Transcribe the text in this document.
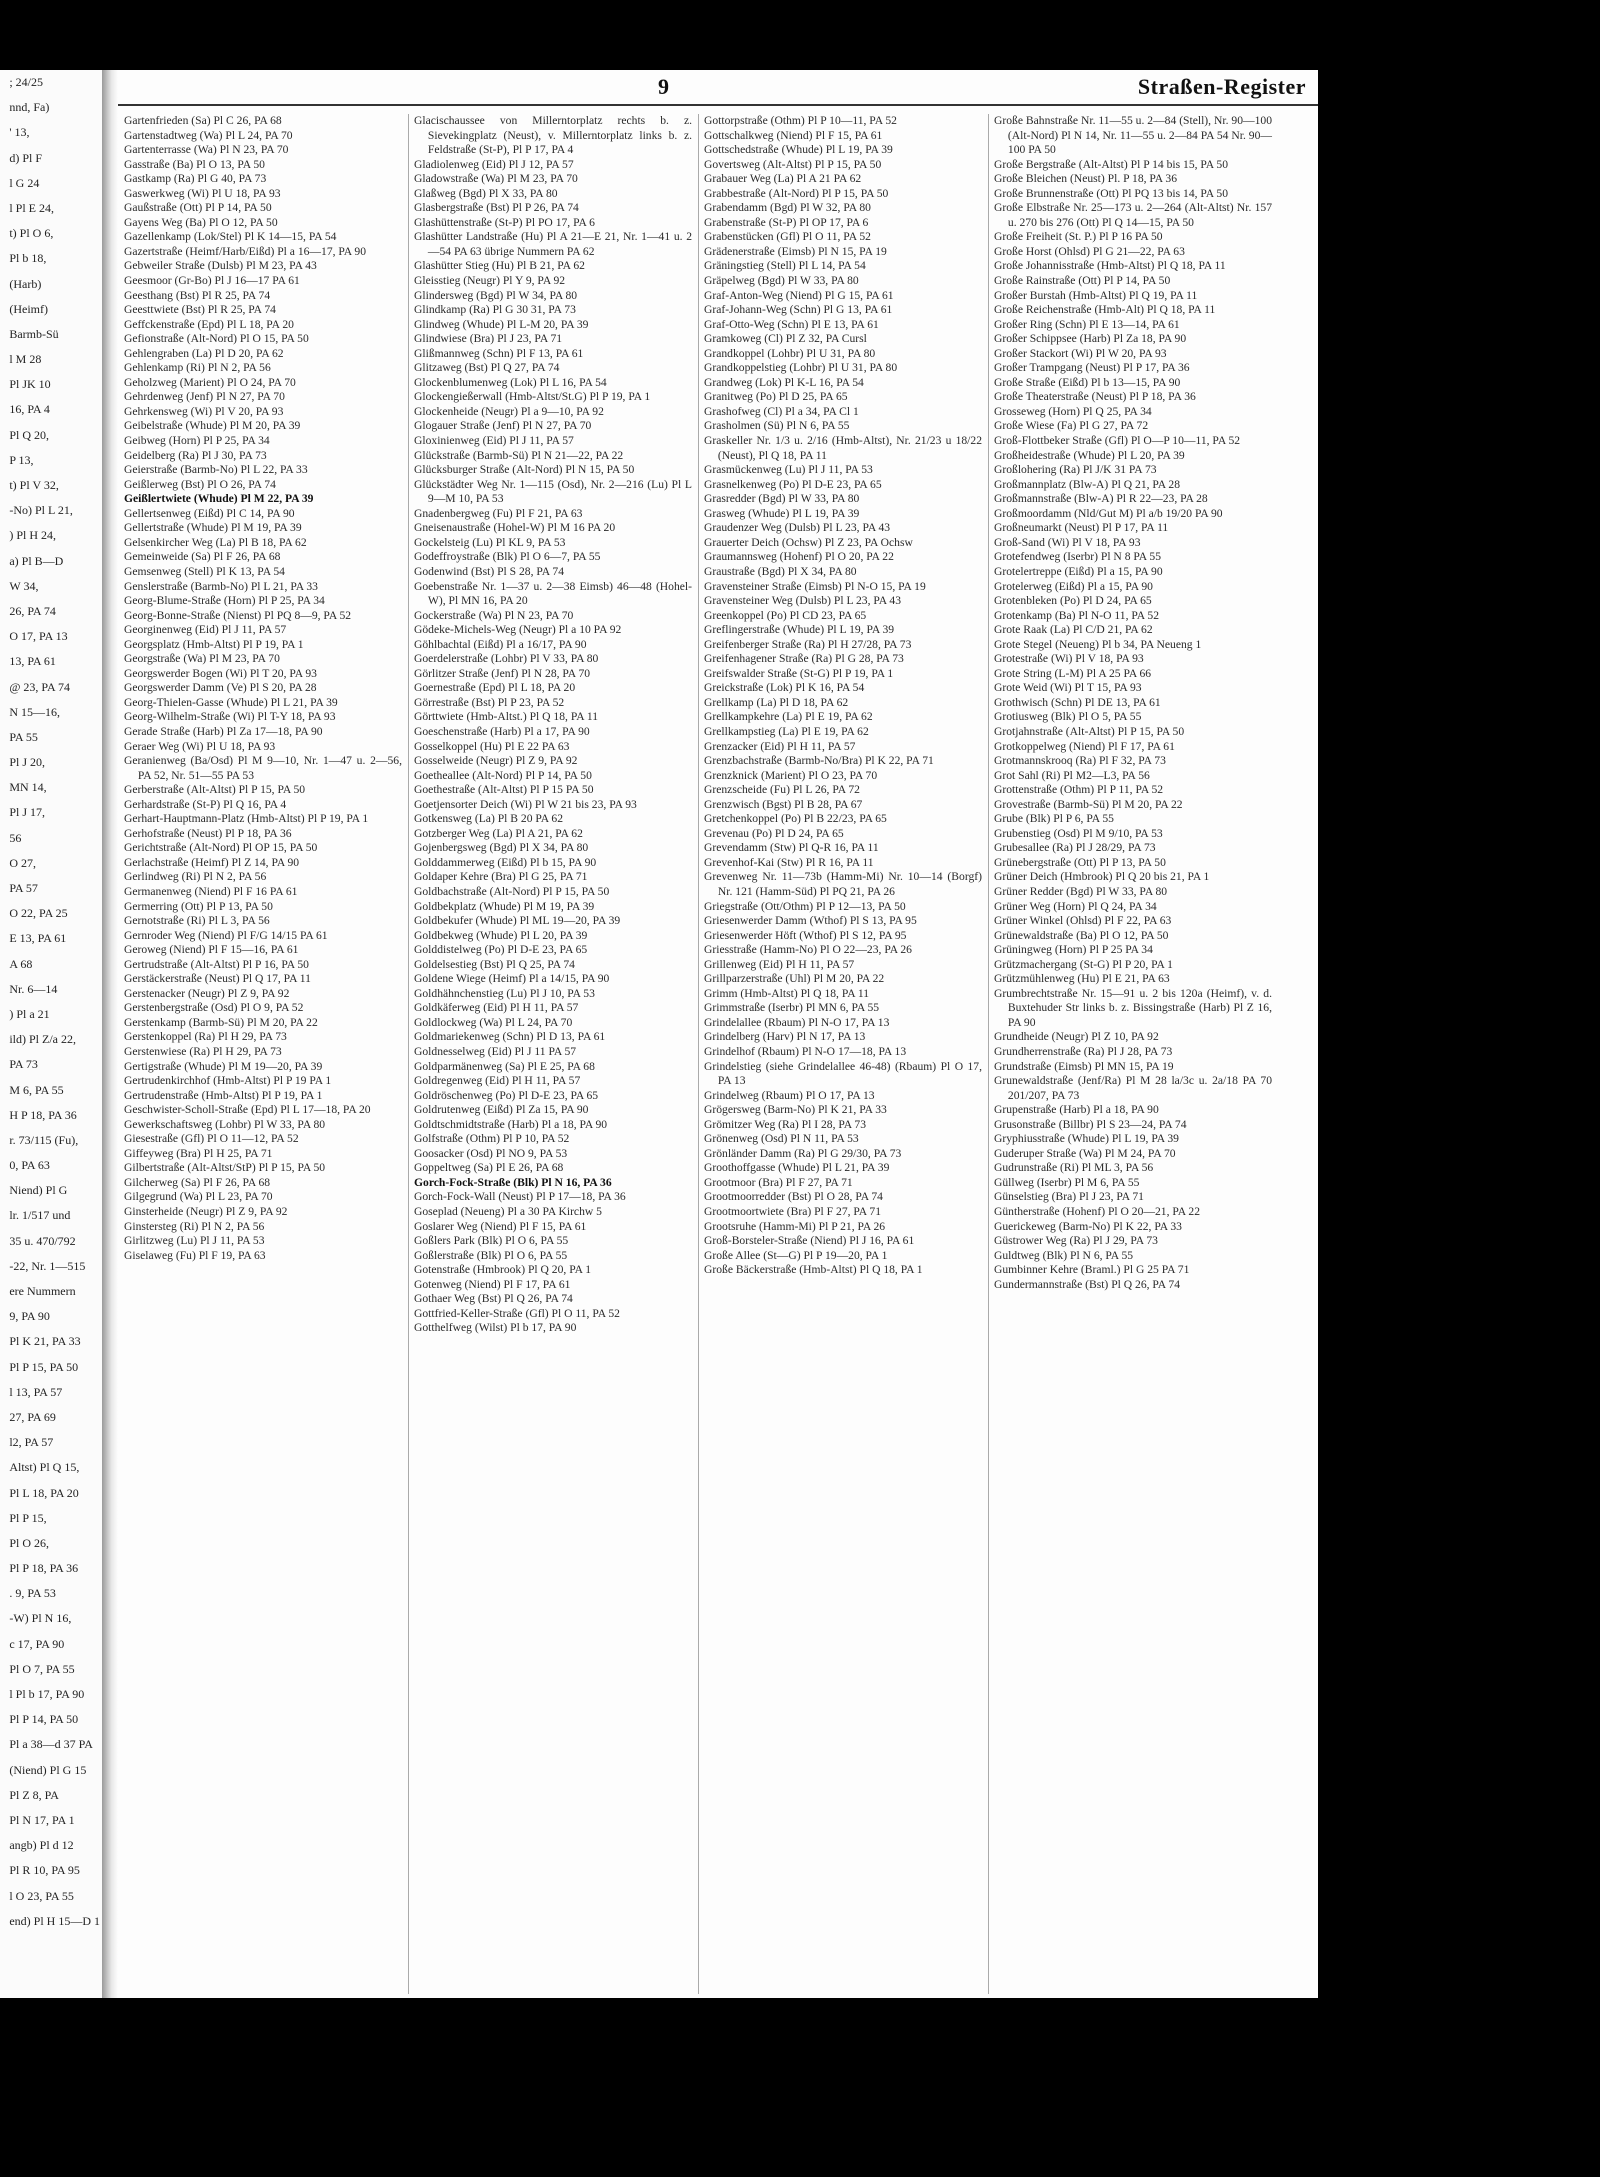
; 24/25
nnd, Fa)
' 13,
d) Pl F
l G 24
l Pl E 24,
t) Pl O 6,
Pl b 18,
(Harb)
(Heimf)
Barmb-Sü
l M 28
Pl JK 10
16, PA 4
Pl Q 20,
P 13,
t) Pl V 32,
-No) Pl L 21,
) Pl H 24,
a) Pl B—D
W 34,
26, PA 74
O 17, PA 13
13, PA 61
@ 23, PA 74
N 15—16,
PA 55
Pl J 20,
MN 14,
Pl J 17,
56
O 27,
PA 57
O 22, PA 25
E 13, PA 61
A 68
Nr. 6—14
) Pl a 21
ild) Pl Z/a 22,
PA 73
M 6, PA 55
H P 18, PA 36
r. 73/115 (Fu),
0, PA 63
Niend) Pl G
lr. 1/517 und
35 u. 470/792
-22, Nr. 1—515
ere Nummern
9, PA 90
Pl K 21, PA 33
Pl P 15, PA 50
l 13, PA 57
27, PA 69
l2, PA 57
Altst) Pl Q 15,
Pl L 18, PA 20
Pl P 15,
Pl O 26,
Pl P 18, PA 36
. 9, PA 53
-W) Pl N 16,
c 17, PA 90
Pl O 7, PA 55
l Pl b 17, PA 90
Pl P 14, PA 50
Pl a 38—d 37 PA
(Niend) Pl G 15
Pl Z 8, PA
Pl N 17, PA 1
angb) Pl d 12
Pl R 10, PA 95
l O 23, PA 55
end) Pl H 15—D 1
9	Straßen-Register
Gartenfrieden (Sa) Pl C 26, PA 68
Gartenstadtweg (Wa) Pl L 24, PA 70
Gartenterrasse (Wa) Pl N 23, PA 70
Gasstraße (Ba) Pl O 13, PA 50
Gastkamp (Ra) Pl G 40, PA 73
Gaswerkweg (Wi) Pl U 18, PA 93
Gaußstraße (Ott) Pl P 14, PA 50
Gayens Weg (Ba) Pl O 12, PA 50
Gazellenkamp (Lok/Stel) Pl K 14—15, PA 54
Gazertstraße (Heimf/Harb/Eißd) Pl a 16—17, PA 90
Gebweiler Straße (Dulsb) Pl M 23, PA 43
Geesmoor (Gr-Bo) Pl J 16—17 PA 61
Geesthang (Bst) Pl R 25, PA 74
Geesttwiete (Bst) Pl R 25, PA 74
Geffckenstraße (Epd) Pl L 18, PA 20
Gefionstraße (Alt-Nord) Pl O 15, PA 50
Gehlengraben (La) Pl D 20, PA 62
Gehlenkamp (Ri) Pl N 2, PA 56
Geholzweg (Marient) Pl O 24, PA 70
Gehrdenweg (Jenf) Pl N 27, PA 70
Gehrkensweg (Wi) Pl V 20, PA 93
Geibelstraße (Whude) Pl M 20, PA 39
Geibweg (Horn) Pl P 25, PA 34
Geidelberg (Ra) Pl J 30, PA 73
Geierstraße (Barmb-No) Pl L 22, PA 33
Geißlerweg (Bst) Pl O 26, PA 74
Geißlertwiete (Whude) Pl M 22, PA 39
Gellertsenweg (Eißd) Pl C 14, PA 90
Gellertstraße (Whude) Pl M 19, PA 39
Gelsenkircher Weg (La) Pl B 18, PA 62
Gemeinweide (Sa) Pl F 26, PA 68
Gemsenweg (Stell) Pl K 13, PA 54
Genslerstraße (Barmb-No) Pl L 21, PA 33
Georg-Blume-Straße (Horn) Pl P 25, PA 34
Georg-Bonne-Straße (Nienst) Pl PQ 8—9, PA 52
Georginenweg (Eid) Pl J 11, PA 57
Georgsplatz (Hmb-Altst) Pl P 19, PA 1
Georgstraße (Wa) Pl M 23, PA 70
Georgswerder Bogen (Wi) Pl T 20, PA 93
Georgswerder Damm (Ve) Pl S 20, PA 28
Georg-Thielen-Gasse (Whude) Pl L 21, PA 39
Georg-Wilhelm-Straße (Wi) Pl T-Y 18, PA 93
Gerade Straße (Harb) Pl Za 17—18, PA 90
Geraer Weg (Wi) Pl U 18, PA 93
Geranienweg (Ba/Osd) Pl M 9—10, Nr. 1—47 u. 2—56, PA 52, Nr. 51—55 PA 53
Gerberstraße (Alt-Altst) Pl P 15, PA 50
Gerhardstraße (St-P) Pl Q 16, PA 4
Gerhart-Hauptmann-Platz (Hmb-Altst) Pl P 19, PA 1
Gerhofstraße (Neust) Pl P 18, PA 36
Gerichtstraße (Alt-Nord) Pl OP 15, PA 50
Gerlachstraße (Heimf) Pl Z 14, PA 90
Gerlindweg (Ri) Pl N 2, PA 56
Germanenweg (Niend) Pl F 16 PA 61
Germerring (Ott) Pl P 13, PA 50
Gernotstraße (Ri) Pl L 3, PA 56
Gernroder Weg (Niend) Pl F/G 14/15 PA 61
Geroweg (Niend) Pl F 15—16, PA 61
Gertrudstraße (Alt-Altst) Pl P 16, PA 50
Gerstäckerstraße (Neust) Pl Q 17, PA 11
Gerstenacker (Neugr) Pl Z 9, PA 92
Gerstenbergstraße (Osd) Pl O 9, PA 52
Gerstenkamp (Barmb-Sü) Pl M 20, PA 22
Gerstenkoppel (Ra) Pl H 29, PA 73
Gerstenwiese (Ra) Pl H 29, PA 73
Gertigstraße (Whude) Pl M 19—20, PA 39
Gertrudenkirchhof (Hmb-Altst) Pl P 19 PA 1
Gertrudenstraße (Hmb-Altst) Pl P 19, PA 1
Geschwister-Scholl-Straße (Epd) Pl L 17—18, PA 20
Gewerkschaftsweg (Lohbr) Pl W 33, PA 80
Giesestraße (Gfl) Pl O 11—12, PA 52
Giffeyweg (Bra) Pl H 25, PA 71
Gilbertstraße (Alt-Altst/StP) Pl P 15, PA 50
Gilcherweg (Sa) Pl F 26, PA 68
Gilgegrund (Wa) Pl L 23, PA 70
Ginsterheide (Neugr) Pl Z 9, PA 92
Ginstersteg (Ri) Pl N 2, PA 56
Girlitzweg (Lu) Pl J 11, PA 53
Giselaweg (Fu) Pl F 19, PA 63
Glacischaussee von Millerntorplatz rechts b. z. Sievekingplatz (Neust), v. Millerntorplatz links b. z. Feldstraße (St-P), Pl P 17, PA 4
Gladiolenweg (Eid) Pl J 12, PA 57
Gladowstraße (Wa) Pl M 23, PA 70
Glaßweg (Bgd) Pl X 33, PA 80
Glasbergstraße (Bst) Pl P 26, PA 74
Glashüttenstraße (St-P) Pl PO 17, PA 6
Glashütter Landstraße (Hu) Pl A 21—E 21, Nr. 1—41 u. 2—54 PA 63 übrige Nummern PA 62
Glashütter Stieg (Hu) Pl B 21, PA 62
Gleisstieg (Neugr) Pl Y 9, PA 92
Glindersweg (Bgd) Pl W 34, PA 80
Glindkamp (Ra) Pl G 30 31, PA 73
Glindweg (Whude) Pl L-M 20, PA 39
Glindwiese (Bra) Pl J 23, PA 71
Glißmannweg (Schn) Pl F 13, PA 61
Glitzaweg (Bst) Pl Q 27, PA 74
Glockenblumenweg (Lok) Pl L 16, PA 54
Glockengießerwall (Hmb-Altst/St.G) Pl P 19, PA 1
Glockenheide (Neugr) Pl a 9—10, PA 92
Glogauer Straße (Jenf) Pl N 27, PA 70
Gloxinienweg (Eid) Pl J 11, PA 57
Glückstraße (Barmb-Sü) Pl N 21—22, PA 22
Glücksburger Straße (Alt-Nord) Pl N 15, PA 50
Glückstädter Weg Nr. 1—115 (Osd), Nr. 2—216 (Lu) Pl L 9—M 10, PA 53
Gnadenbergweg (Fu) Pl F 21, PA 63
Gneisenaustraße (Hohel-W) Pl M 16 PA 20
Gockelsteig (Lu) Pl KL 9, PA 53
Godeffroystraße (Blk) Pl O 6—7, PA 55
Godenwind (Bst) Pl S 28, PA 74
Goebenstraße Nr. 1—37 u. 2—38 Eimsb) 46—48 (Hohel-W), Pl MN 16, PA 20
Gockerstraße (Wa) Pl N 23, PA 70
Gödeke-Michels-Weg (Neugr) Pl a 10 PA 92
Göhlbachtal (Eißd) Pl a 16/17, PA 90
Goerdelerstraße (Lohbr) Pl V 33, PA 80
Görlitzer Straße (Jenf) Pl N 28, PA 70
Goernestraße (Epd) Pl L 18, PA 20
Görrestraße (Bst) Pl P 23, PA 52
Görttwiete (Hmb-Altst.) Pl Q 18, PA 11
Goeschenstraße (Harb) Pl a 17, PA 90
Gosselkoppel (Hu) Pl E 22 PA 63
Gosselweide (Neugr) Pl Z 9, PA 92
Goetheallee (Alt-Nord) Pl P 14, PA 50
Goethestraße (Alt-Altst) Pl P 15 PA 50
Goetjensorter Deich (Wi) Pl W 21 bis 23, PA 93
Gotkensweg (La) Pl B 20 PA 62
Gotzberger Weg (La) Pl A 21, PA 62
Gojenbergsweg (Bgd) Pl X 34, PA 80
Golddammerweg (Eißd) Pl b 15, PA 90
Goldaper Kehre (Bra) Pl G 25, PA 71
Goldbachstraße (Alt-Nord) Pl P 15, PA 50
Goldbekplatz (Whude) Pl M 19, PA 39
Goldbekufer (Whude) Pl ML 19—20, PA 39
Goldbekweg (Whude) Pl L 20, PA 39
Golddistelweg (Po) Pl D-E 23, PA 65
Goldelsestieg (Bst) Pl Q 25, PA 74
Goldene Wiege (Heimf) Pl a 14/15, PA 90
Goldhähnchenstieg (Lu) Pl J 10, PA 53
Goldkäferweg (Eid) Pl H 11, PA 57
Goldlockweg (Wa) Pl L 24, PA 70
Goldmariekenweg (Schn) Pl D 13, PA 61
Goldnesselweg (Eid) Pl J 11 PA 57
Goldparmänenweg (Sa) Pl E 25, PA 68
Goldregenweg (Eid) Pl H 11, PA 57
Goldröschenweg (Po) Pl D-E 23, PA 65
Goldrutenweg (Eißd) Pl Za 15, PA 90
Goldtschmidtstraße (Harb) Pl a 18, PA 90
Golfstraße (Othm) Pl P 10, PA 52
Goosacker (Osd) Pl NO 9, PA 53
Goppeltweg (Sa) Pl E 26, PA 68
Gorch-Fock-Straße (Blk) Pl N 16, PA 36
Gorch-Fock-Wall (Neust) Pl P 17—18, PA 36
Goseplad (Neueng) Pl a 30 PA Kirchw 5
Goslarer Weg (Niend) Pl F 15, PA 61
Goßlers Park (Blk) Pl O 6, PA 55
Goßlerstraße (Blk) Pl O 6, PA 55
Gotenstraße (Hmbrook) Pl Q 20, PA 1
Gotenweg (Niend) Pl F 17, PA 61
Gothaer Weg (Bst) Pl Q 26, PA 74
Gottfried-Keller-Straße (Gfl) Pl O 11, PA 52
Gotthelfweg (Wilst) Pl b 17, PA 90
Gottorpstraße (Othm) Pl P 10—11, PA 52
Gottschalkweg (Niend) Pl F 15, PA 61
Gottschedstraße (Whude) Pl L 19, PA 39
Govertsweg (Alt-Altst) Pl P 15, PA 50
Grabauer Weg (La) Pl A 21 PA 62
Grabbestraße (Alt-Nord) Pl P 15, PA 50
Grabendamm (Bgd) Pl W 32, PA 80
Grabenstraße (St-P) Pl OP 17, PA 6
Grabenstücken (Gfl) Pl O 11, PA 52
Grädenerstraße (Eimsb) Pl N 15, PA 19
Gräningstieg (Stell) Pl L 14, PA 54
Gräpelweg (Bgd) Pl W 33, PA 80
Graf-Anton-Weg (Niend) Pl G 15, PA 61
Graf-Johann-Weg (Schn) Pl G 13, PA 61
Graf-Otto-Weg (Schn) Pl E 13, PA 61
Gramkoweg (Cl) Pl Z 32, PA Cursl
Grandkoppel (Lohbr) Pl U 31, PA 80
Grandkoppelstieg (Lohbr) Pl U 31, PA 80
Grandweg (Lok) Pl K-L 16, PA 54
Granitweg (Po) Pl D 25, PA 65
Grashofweg (Cl) Pl a 34, PA Cl 1
Grasholmen (Sü) Pl N 6, PA 55
Graskeller Nr. 1/3 u. 2/16 (Hmb-Altst), Nr. 21/23 u 18/22 (Neust), Pl Q 18, PA 11
Grasmückenweg (Lu) Pl J 11, PA 53
Grasnelkenweg (Po) Pl D-E 23, PA 65
Grasredder (Bgd) Pl W 33, PA 80
Grasweg (Whude) Pl L 19, PA 39
Graudenzer Weg (Dulsb) Pl L 23, PA 43
Grauerter Deich (Ochsw) Pl Z 23, PA Ochsw
Graumannsweg (Hohenf) Pl O 20, PA 22
Graustraße (Bgd) Pl X 34, PA 80
Gravensteiner Straße (Eimsb) Pl N-O 15, PA 19
Gravensteiner Weg (Dulsb) Pl L 23, PA 43
Greenkoppel (Po) Pl CD 23, PA 65
Greflingerstraße (Whude) Pl L 19, PA 39
Greifenberger Straße (Ra) Pl H 27/28, PA 73
Greifenhagener Straße (Ra) Pl G 28, PA 73
Greifswalder Straße (St-G) Pl P 19, PA 1
Greickstraße (Lok) Pl K 16, PA 54
Grellkamp (La) Pl D 18, PA 62
Grellkampkehre (La) Pl E 19, PA 62
Grellkampstieg (La) Pl E 19, PA 62
Grenzacker (Eid) Pl H 11, PA 57
Grenzbachstraße (Barmb-No/Bra) Pl K 22, PA 71
Grenzknick (Marient) Pl O 23, PA 70
Grenzscheide (Fu) Pl L 26, PA 72
Grenzwisch (Bgst) Pl B 28, PA 67
Gretchenkoppel (Po) Pl B 22/23, PA 65
Grevenau (Po) Pl D 24, PA 65
Grevendamm (Stw) Pl Q-R 16, PA 11
Grevenhof-Kai (Stw) Pl R 16, PA 11
Grevenweg Nr. 11—73b (Hamm-Mi) Nr. 10—14 (Borgf) Nr. 121 (Hamm-Süd) Pl PQ 21, PA 26
Griegstraße (Ott/Othm) Pl P 12—13, PA 50
Griesenwerder Damm (Wthof) Pl S 13, PA 95
Griesenwerder Höft (Wthof) Pl S 12, PA 95
Griesstraße (Hamm-No) Pl O 22—23, PA 26
Grillenweg (Eid) Pl H 11, PA 57
Grillparzerstraße (Uhl) Pl M 20, PA 22
Grimm (Hmb-Altst) Pl Q 18, PA 11
Grimmstraße (Iserbr) Pl MN 6, PA 55
Grindelallee (Rbaum) Pl N-O 17, PA 13
Grindelberg (Harv) Pl N 17, PA 13
Grindelhof (Rbaum) Pl N-O 17—18, PA 13
Grindelstieg (siehe Grindelallee 46-48) (Rbaum) Pl O 17, PA 13
Grindelweg (Rbaum) Pl O 17, PA 13
Grögersweg (Barm-No) Pl K 21, PA 33
Grömitzer Weg (Ra) Pl I 28, PA 73
Grönenweg (Osd) Pl N 11, PA 53
Grönländer Damm (Ra) Pl G 29/30, PA 73
Groothoffgasse (Whude) Pl L 21, PA 39
Grootmoor (Bra) Pl F 27, PA 71
Grootmoorredder (Bst) Pl O 28, PA 74
Grootmoortwiete (Bra) Pl F 27, PA 71
Grootsruhe (Hamm-Mi) Pl P 21, PA 26
Groß-Borsteler-Straße (Niend) Pl J 16, PA 61
Große Allee (St—G) Pl P 19—20, PA 1
Große Bäckerstraße (Hmb-Altst) Pl Q 18, PA 1
Große Bahnstraße Nr. 11—55 u. 2—84 (Stell), Nr. 90—100 (Alt-Nord) Pl N 14, Nr. 11—55 u. 2—84 PA 54 Nr. 90—100 PA 50
Große Bergstraße (Alt-Altst) Pl P 14 bis 15, PA 50
Große Bleichen (Neust) Pl. P 18, PA 36
Große Brunnenstraße (Ott) Pl PQ 13 bis 14, PA 50
Große Elbstraße Nr. 25—173 u. 2—264 (Alt-Altst) Nr. 157 u. 270 bis 276 (Ott) Pl Q 14—15, PA 50
Große Freiheit (St. P.) Pl P 16 PA 50
Große Horst (Ohlsd) Pl G 21—22, PA 63
Große Johannisstraße (Hmb-Altst) Pl Q 18, PA 11
Große Rainstraße (Ott) Pl P 14, PA 50
Großer Burstah (Hmb-Altst) Pl Q 19, PA 11
Große Reichenstraße (Hmb-Alt) Pl Q 18, PA 11
Großer Ring (Schn) Pl E 13—14, PA 61
Großer Schippsee (Harb) Pl Za 18, PA 90
Großer Stackort (Wi) Pl W 20, PA 93
Großer Trampgang (Neust) Pl P 17, PA 36
Große Straße (Eißd) Pl b 13—15, PA 90
Große Theaterstraße (Neust) Pl P 18, PA 36
Grosseweg (Horn) Pl Q 25, PA 34
Große Wiese (Fa) Pl G 27, PA 72
Groß-Flottbeker Straße (Gfl) Pl O—P 10—11, PA 52
Großheidestraße (Whude) Pl L 20, PA 39
Großlohering (Ra) Pl J/K 31 PA 73
Großmannplatz (Blw-A) Pl Q 21, PA 28
Großmannstraße (Blw-A) Pl R 22—23, PA 28
Großmoordamm (Nld/Gut M) Pl a/b 19/20 PA 90
Großneumarkt (Neust) Pl P 17, PA 11
Groß-Sand (Wi) Pl V 18, PA 93
Grotefendweg (Iserbr) Pl N 8 PA 55
Grotelertreppe (Eißd) Pl a 15, PA 90
Grotelerweg (Eißd) Pl a 15, PA 90
Grotenbleken (Po) Pl D 24, PA 65
Grotenkamp (Ba) Pl N-O 11, PA 52
Grote Raak (La) Pl C/D 21, PA 62
Grote Stegel (Neueng) Pl b 34, PA Neueng 1
Grotestraße (Wi) Pl V 18, PA 93
Grote String (L-M) Pl A 25 PA 66
Grote Weid (Wi) Pl T 15, PA 93
Grothwisch (Schn) Pl DE 13, PA 61
Grotiusweg (Blk) Pl O 5, PA 55
Grotjahnstraße (Alt-Altst) Pl P 15, PA 50
Grotkoppelweg (Niend) Pl F 17, PA 61
Grotmannskrooq (Ra) Pl F 32, PA 73
Grot Sahl (Ri) Pl M2—L3, PA 56
Grottenstraße (Othm) Pl P 11, PA 52
Grovestraße (Barmb-Sü) Pl M 20, PA 22
Grube (Blk) Pl P 6, PA 55
Grubenstieg (Osd) Pl M 9/10, PA 53
Grubesallee (Ra) Pl J 28/29, PA 73
Grünebergstraße (Ott) Pl P 13, PA 50
Grüner Deich (Hmbrook) Pl Q 20 bis 21, PA 1
Grüner Redder (Bgd) Pl W 33, PA 80
Grüner Weg (Horn) Pl Q 24, PA 34
Grüner Winkel (Ohlsd) Pl F 22, PA 63
Grünewaldstraße (Ba) Pl O 12, PA 50
Grüningweg (Horn) Pl P 25 PA 34
Grützmachergang (St-G) Pl P 20, PA 1
Grützmühlenweg (Hu) Pl E 21, PA 63
Grumbrechtstraße Nr. 15—91 u. 2 bis 120a (Heimf), v. d. Buxtehuder Str links b. z. Bissingstraße (Harb) Pl Z 16, PA 90
Grundheide (Neugr) Pl Z 10, PA 92
Grundherrenstraße (Ra) Pl J 28, PA 73
Grundstraße (Eimsb) Pl MN 15, PA 19
Grunewaldstraße (Jenf/Ra) Pl M 28 la/3c u. 2a/18 PA 70 201/207, PA 73
Grupenstraße (Harb) Pl a 18, PA 90
Grusonstraße (Billbr) Pl S 23—24, PA 74
Gryphiusstraße (Whude) Pl L 19, PA 39
Guderuper Straße (Wa) Pl M 24, PA 70
Gudrunstraße (Ri) Pl ML 3, PA 56
Güllweg (Iserbr) Pl M 6, PA 55
Günselstieg (Bra) Pl J 23, PA 71
Güntherstraße (Hohenf) Pl O 20—21, PA 22
Guerickeweg (Barm-No) Pl K 22, PA 33
Güstrower Weg (Ra) Pl J 29, PA 73
Guldtweg (Blk) Pl N 6, PA 55
Gumbinner Kehre (Braml.) Pl G 25 PA 71
Gundermannstraße (Bst) Pl Q 26, PA 74
